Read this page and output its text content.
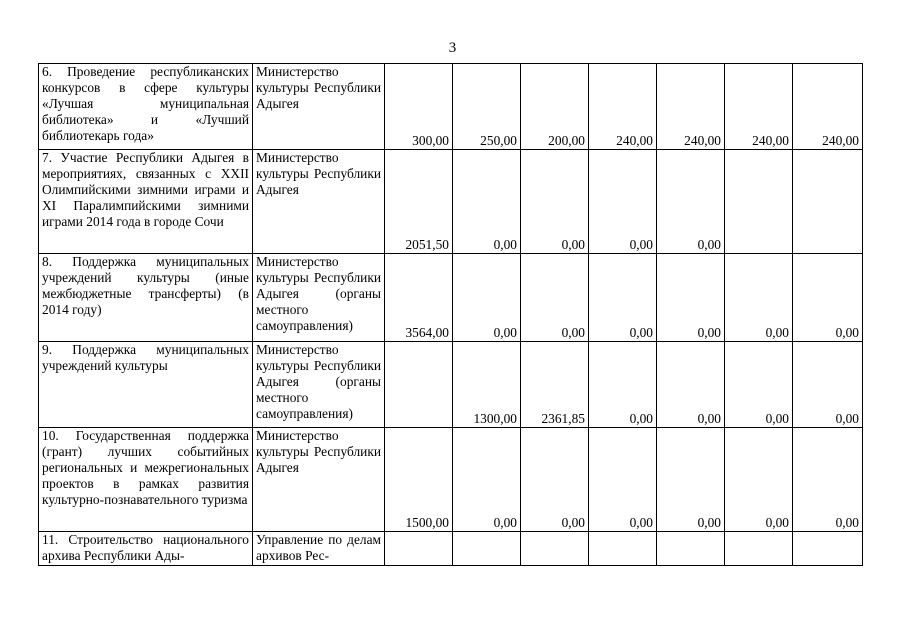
3
6. Проведение республиканских конкурсов в сфере культуры «Лучшая муниципальная библиотека» и «Лучший библиотекарь года»	Министерство культуры Республики Адыгея	300,00	250,00	200,00	240,00	240,00	240,00	240,00
7. Участие Республики Адыгея в мероприятиях, связанных с XXII Олимпийскими зимними играми и XI Паралимпийскими зимними играми 2014 года в городе Сочи	Министерство культуры Республики Адыгея	2051,50	0,00	0,00	0,00	0,00		
8. Поддержка муниципальных учреждений культуры (иные межбюджетные трансферты) (в 2014 году)	Министерство культуры Республики Адыгея (органы местного самоуправления)	3564,00	0,00	0,00	0,00	0,00	0,00	0,00
9. Поддержка муниципальных учреждений культуры	Министерство культуры Республики Адыгея (органы местного самоуправления)		1300,00	2361,85	0,00	0,00	0,00	0,00
10. Государственная поддержка (грант) лучших событийных региональных и межрегиональных проектов в рамках развития культурно-познавательного туризма	Министерство культуры Республики Адыгея	1500,00	0,00	0,00	0,00	0,00	0,00	0,00
11. Строительство национального архива Республики Ады-	Управление по делам архивов Рес-							
